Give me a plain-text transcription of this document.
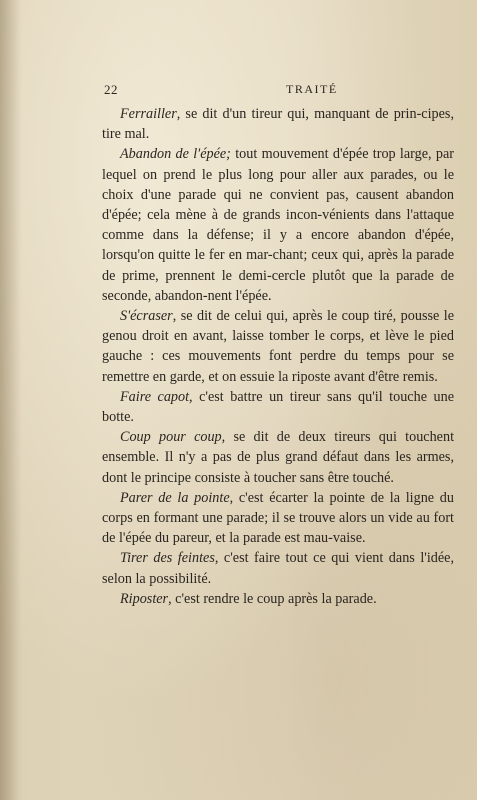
22	TRAITÉ

Ferrailler, se dit d'un tireur qui, manquant de prin-cipes, tire mal.

Abandon de l'épée; tout mouvement d'épée trop large, par lequel on prend le plus long pour aller aux parades, ou le choix d'une parade qui ne convient pas, causent abandon d'épée; cela mène à de grands incon-vénients dans l'attaque comme dans la défense; il y a encore abandon d'épée, lorsqu'on quitte le fer en mar-chant; ceux qui, après la parade de prime, prennent le demi-cercle plutôt que la parade de seconde, abandon-nent l'épée.

S'écraser, se dit de celui qui, après le coup tiré, pousse le genou droit en avant, laisse tomber le corps, et lève le pied gauche : ces mouvements font perdre du temps pour se remettre en garde, et on essuie la riposte avant d'être remis.

Faire capot, c'est battre un tireur sans qu'il touche une botte.

Coup pour coup, se dit de deux tireurs qui touchent ensemble. Il n'y a pas de plus grand défaut dans les armes, dont le principe consiste à toucher sans être touché.

Parer de la pointe, c'est écarter la pointe de la ligne du corps en formant une parade; il se trouve alors un vide au fort de l'épée du pareur, et la parade est mau-vaise.

Tirer des feintes, c'est faire tout ce qui vient dans l'idée, selon la possibilité.

Riposter, c'est rendre le coup après la parade.
